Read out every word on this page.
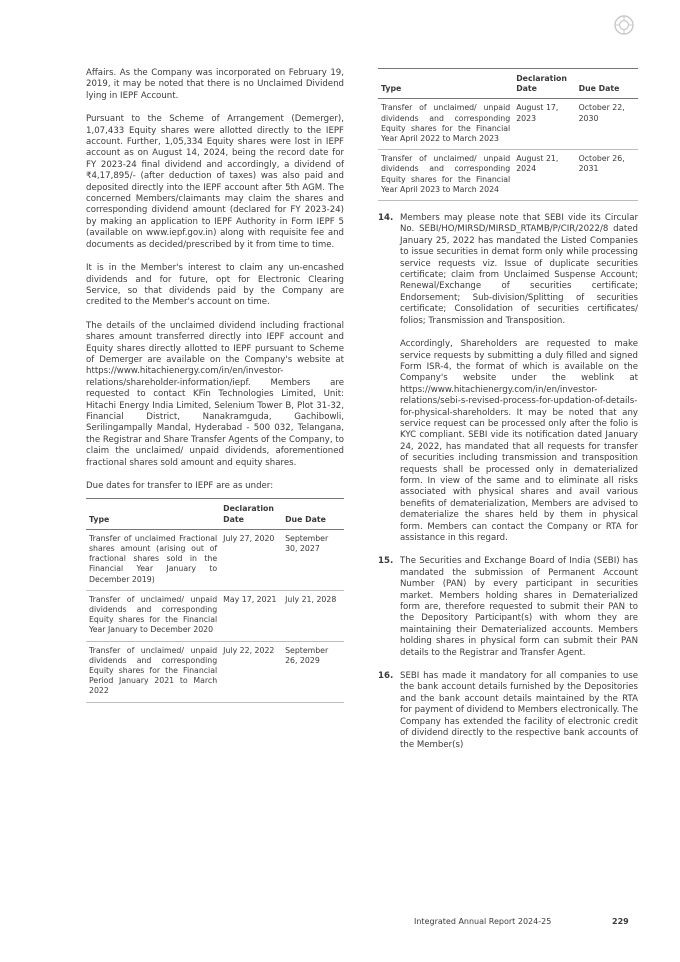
Affairs. As the Company was incorporated on February 19, 2019, it may be noted that there is no Unclaimed Dividend lying in IEPF Account.

Pursuant to the Scheme of Arrangement (Demerger), 1,07,433 Equity shares were allotted directly to the IEPF account. Further, 1,05,334 Equity shares were lost in IEPF account as on August 14, 2024, being the record date for FY 2023-24 final dividend and accordingly, a dividend of ₹4,17,895/- (after deduction of taxes) was also paid and deposited directly into the IEPF account after 5th AGM. The concerned Members/claimants may claim the shares and corresponding dividend amount (declared for FY 2023-24) by making an application to IEPF Authority in Form IEPF 5 (available on www.iepf.gov.in) along with requisite fee and documents as decided/prescribed by it from time to time.

It is in the Member's interest to claim any un-encashed dividends and for future, opt for Electronic Clearing Service, so that dividends paid by the Company are credited to the Member's account on time.

The details of the unclaimed dividend including fractional shares amount transferred directly into IEPF account and Equity shares directly allotted to IEPF pursuant to Scheme of Demerger are available on the Company's website at https://www.hitachienergy.com/in/en/investor-relations/shareholder-information/iepf. Members are requested to contact KFin Technologies Limited, Unit: Hitachi Energy India Limited, Selenium Tower B, Plot 31-32, Financial District, Nanakramguda, Gachibowli, Serilingampally Mandal, Hyderabad - 500 032, Telangana, the Registrar and Share Transfer Agents of the Company, to claim the unclaimed/ unpaid dividends, aforementioned fractional shares sold amount and equity shares.

Due dates for transfer to IEPF are as under:

Type	Declaration Date	Due Date
Transfer of unclaimed Fractional shares amount (arising out of fractional shares sold in the Financial Year January to December 2019)	July 27, 2020	September 30, 2027
Transfer of unclaimed/ unpaid dividends and corresponding Equity shares for the Financial Year January to December 2020	May 17, 2021	July 21, 2028
Transfer of unclaimed/ unpaid dividends and corresponding Equity shares for the Financial Period January 2021 to March 2022	July 22, 2022	September 26, 2029
Type	Declaration Date	Due Date
Transfer of unclaimed/ unpaid dividends and corresponding Equity shares for the Financial Year April 2022 to March 2023	August 17, 2023	October 22, 2030
Transfer of unclaimed/ unpaid dividends and corresponding Equity shares for the Financial Year April 2023 to March 2024	August 21, 2024	October 26, 2031
14. Members may please note that SEBI vide its Circular No. SEBI/HO/MIRSD/MIRSD_RTAMB/P/CIR/2022/8 dated January 25, 2022 has mandated the Listed Companies to issue securities in demat form only while processing service requests viz. Issue of duplicate securities certificate; claim from Unclaimed Suspense Account; Renewal/Exchange of securities certificate; Endorsement; Sub-division/Splitting of securities certificate; Consolidation of securities certificates/ folios; Transmission and Transposition.

Accordingly, Shareholders are requested to make service requests by submitting a duly filled and signed Form ISR-4, the format of which is available on the Company's website under the weblink at https://www.hitachienergy.com/in/en/investor-relations/sebi-s-revised-process-for-updation-of-details-for-physical-shareholders. It may be noted that any service request can be processed only after the folio is KYC compliant. SEBI vide its notification dated January 24, 2022, has mandated that all requests for transfer of securities including transmission and transposition requests shall be processed only in dematerialized form. In view of the same and to eliminate all risks associated with physical shares and avail various benefits of dematerialization, Members are advised to dematerialize the shares held by them in physical form. Members can contact the Company or RTA for assistance in this regard.

15. The Securities and Exchange Board of India (SEBI) has mandated the submission of Permanent Account Number (PAN) by every participant in securities market. Members holding shares in Dematerialized form are, therefore requested to submit their PAN to the Depository Participant(s) with whom they are maintaining their Dematerialized accounts. Members holding shares in physical form can submit their PAN details to the Registrar and Transfer Agent.

16. SEBI has made it mandatory for all companies to use the bank account details furnished by the Depositories and the bank account details maintained by the RTA for payment of dividend to Members electronically. The Company has extended the facility of electronic credit of dividend directly to the respective bank accounts of the Member(s)

Integrated Annual Report 2024-25	229
